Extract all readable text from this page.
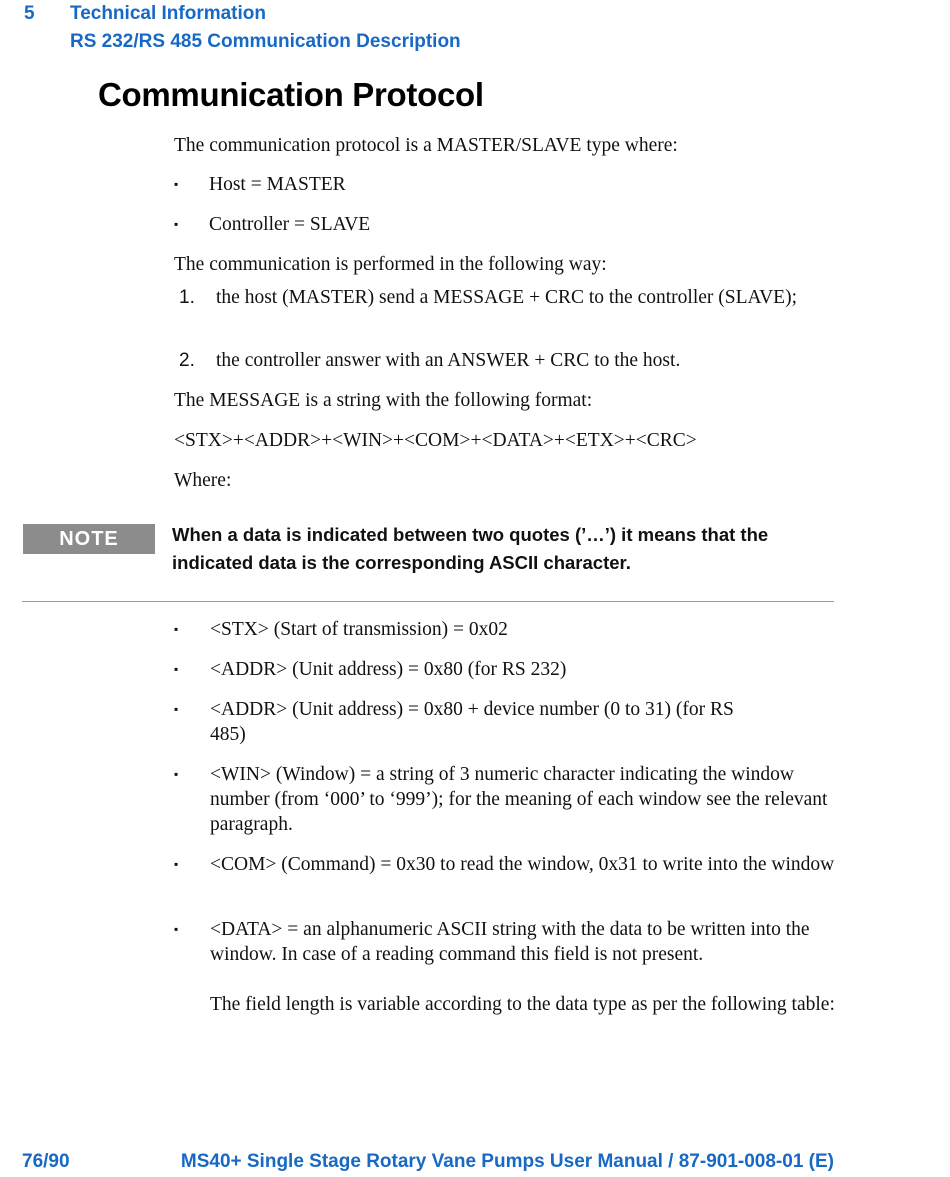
5 Technical Information
RS 232/RS 485 Communication Description
Communication Protocol

The communication protocol is a MASTER/SLAVE type where:

▪ Host = MASTER
▪ Controller = SLAVE

The communication is performed in the following way:

1. the host (MASTER) send a MESSAGE + CRC to the controller (SLAVE);
2. the controller answer with an ANSWER + CRC to the host.

The MESSAGE is a string with the following format:

<STX>+<ADDR>+<WIN>+<COM>+<DATA>+<ETX>+<CRC>

Where:

NOTE	When a data is indicated between two quotes (’…’) it means that the indicated data is the corresponding ASCII character.
▪ <STX> (Start of transmission) = 0x02
▪ <ADDR> (Unit address) = 0x80 (for RS 232)
▪ <ADDR> (Unit address) = 0x80 + device number (0 to 31) (for RS 485)
▪ <WIN> (Window) = a string of 3 numeric character indicating the window number (from ‘000’ to ‘999’); for the meaning of each window see the relevant paragraph.
▪ <COM> (Command) = 0x30 to read the window, 0x31 to write into the window
▪ <DATA> = an alphanumeric ASCII string with the data to be written into the window. In case of a reading command this field is not present.
The field length is variable according to the data type as per the following table:
76/90	MS40+ Single Stage Rotary Vane Pumps User Manual / 87-901-008-01 (E)
